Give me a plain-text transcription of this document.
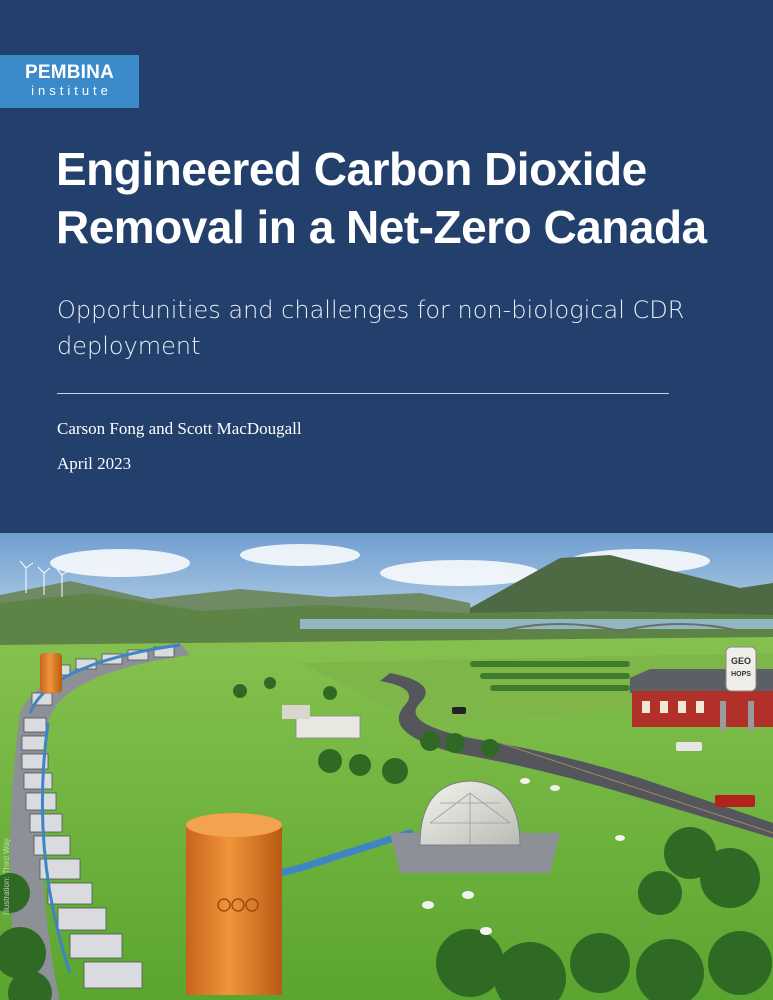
PEMBINA
institute
Engineered Carbon Dioxide Removal in a Net-Zero Canada

Opportunities and challenges for non-biological CDR deployment

Carson Fong and Scott MacDougall
April 2023
GEO
HOPS
Illustration: Third Way
